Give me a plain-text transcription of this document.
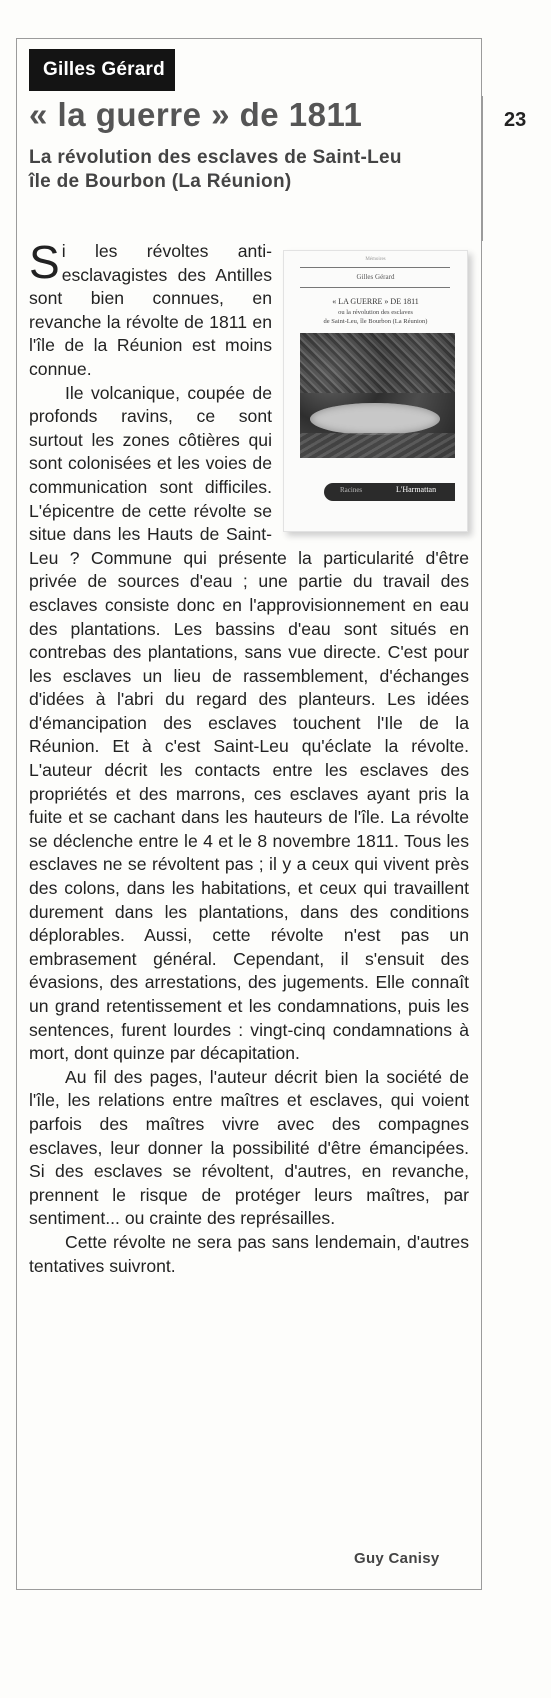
Gilles Gérard
23
« la guerre » de 1811
La révolution des esclaves de Saint-Leu
île de Bourbon (La Réunion)
Mémoires
Gilles Gérard
« LA GUERRE » DE 1811
ou la révolution des esclaves
de Saint-Leu, île Bourbon (La Réunion)
Racines	L'Harmattan

Si les révoltes anti-esclavagistes des Antilles sont bien connues, en revanche la révolte de 1811 en l'île de la Réunion est moins connue.

Ile volcanique, coupée de profonds ravins, ce sont surtout les zones côtières qui sont colonisées et les voies de communication sont difficiles. L'épicentre de cette révolte se situe dans les Hauts de Saint-Leu ? Commune qui présente la particularité d'être privée de sources d'eau ; une partie du travail des esclaves consiste donc en l'approvisionnement en eau des plantations. Les bassins d'eau sont situés en contrebas des plantations, sans vue directe. C'est pour les esclaves un lieu de rassemblement, d'échanges d'idées à l'abri du regard des planteurs. Les idées d'émancipation des esclaves touchent l'Ile de la Réunion. Et à c'est Saint-Leu qu'éclate la révolte. L'auteur décrit les contacts entre les esclaves des propriétés et des marrons, ces esclaves ayant pris la fuite et se cachant dans les hauteurs de l'île. La révolte se déclenche entre le 4 et le 8 novembre 1811. Tous les esclaves ne se révoltent pas ; il y a ceux qui vivent près des colons, dans les habitations, et ceux qui travaillent durement dans les plantations, dans des conditions déplorables. Aussi, cette révolte n'est pas un embrasement général. Cependant, il s'ensuit des évasions, des arrestations, des jugements. Elle connaît un grand retentissement et les condamnations, puis les sentences, furent lourdes : vingt-cinq condamnations à mort, dont quinze par décapitation.

Au fil des pages, l'auteur décrit bien la société de l'île, les relations entre maîtres et esclaves, qui voient parfois des maîtres vivre avec des compagnes esclaves, leur donner la possibilité d'être émancipées. Si des esclaves se révoltent, d'autres, en revanche, prennent le risque de protéger leurs maîtres, par sentiment... ou crainte des représailles.

Cette révolte ne sera pas sans lendemain, d'autres tentatives suivront.

Guy Canisy
